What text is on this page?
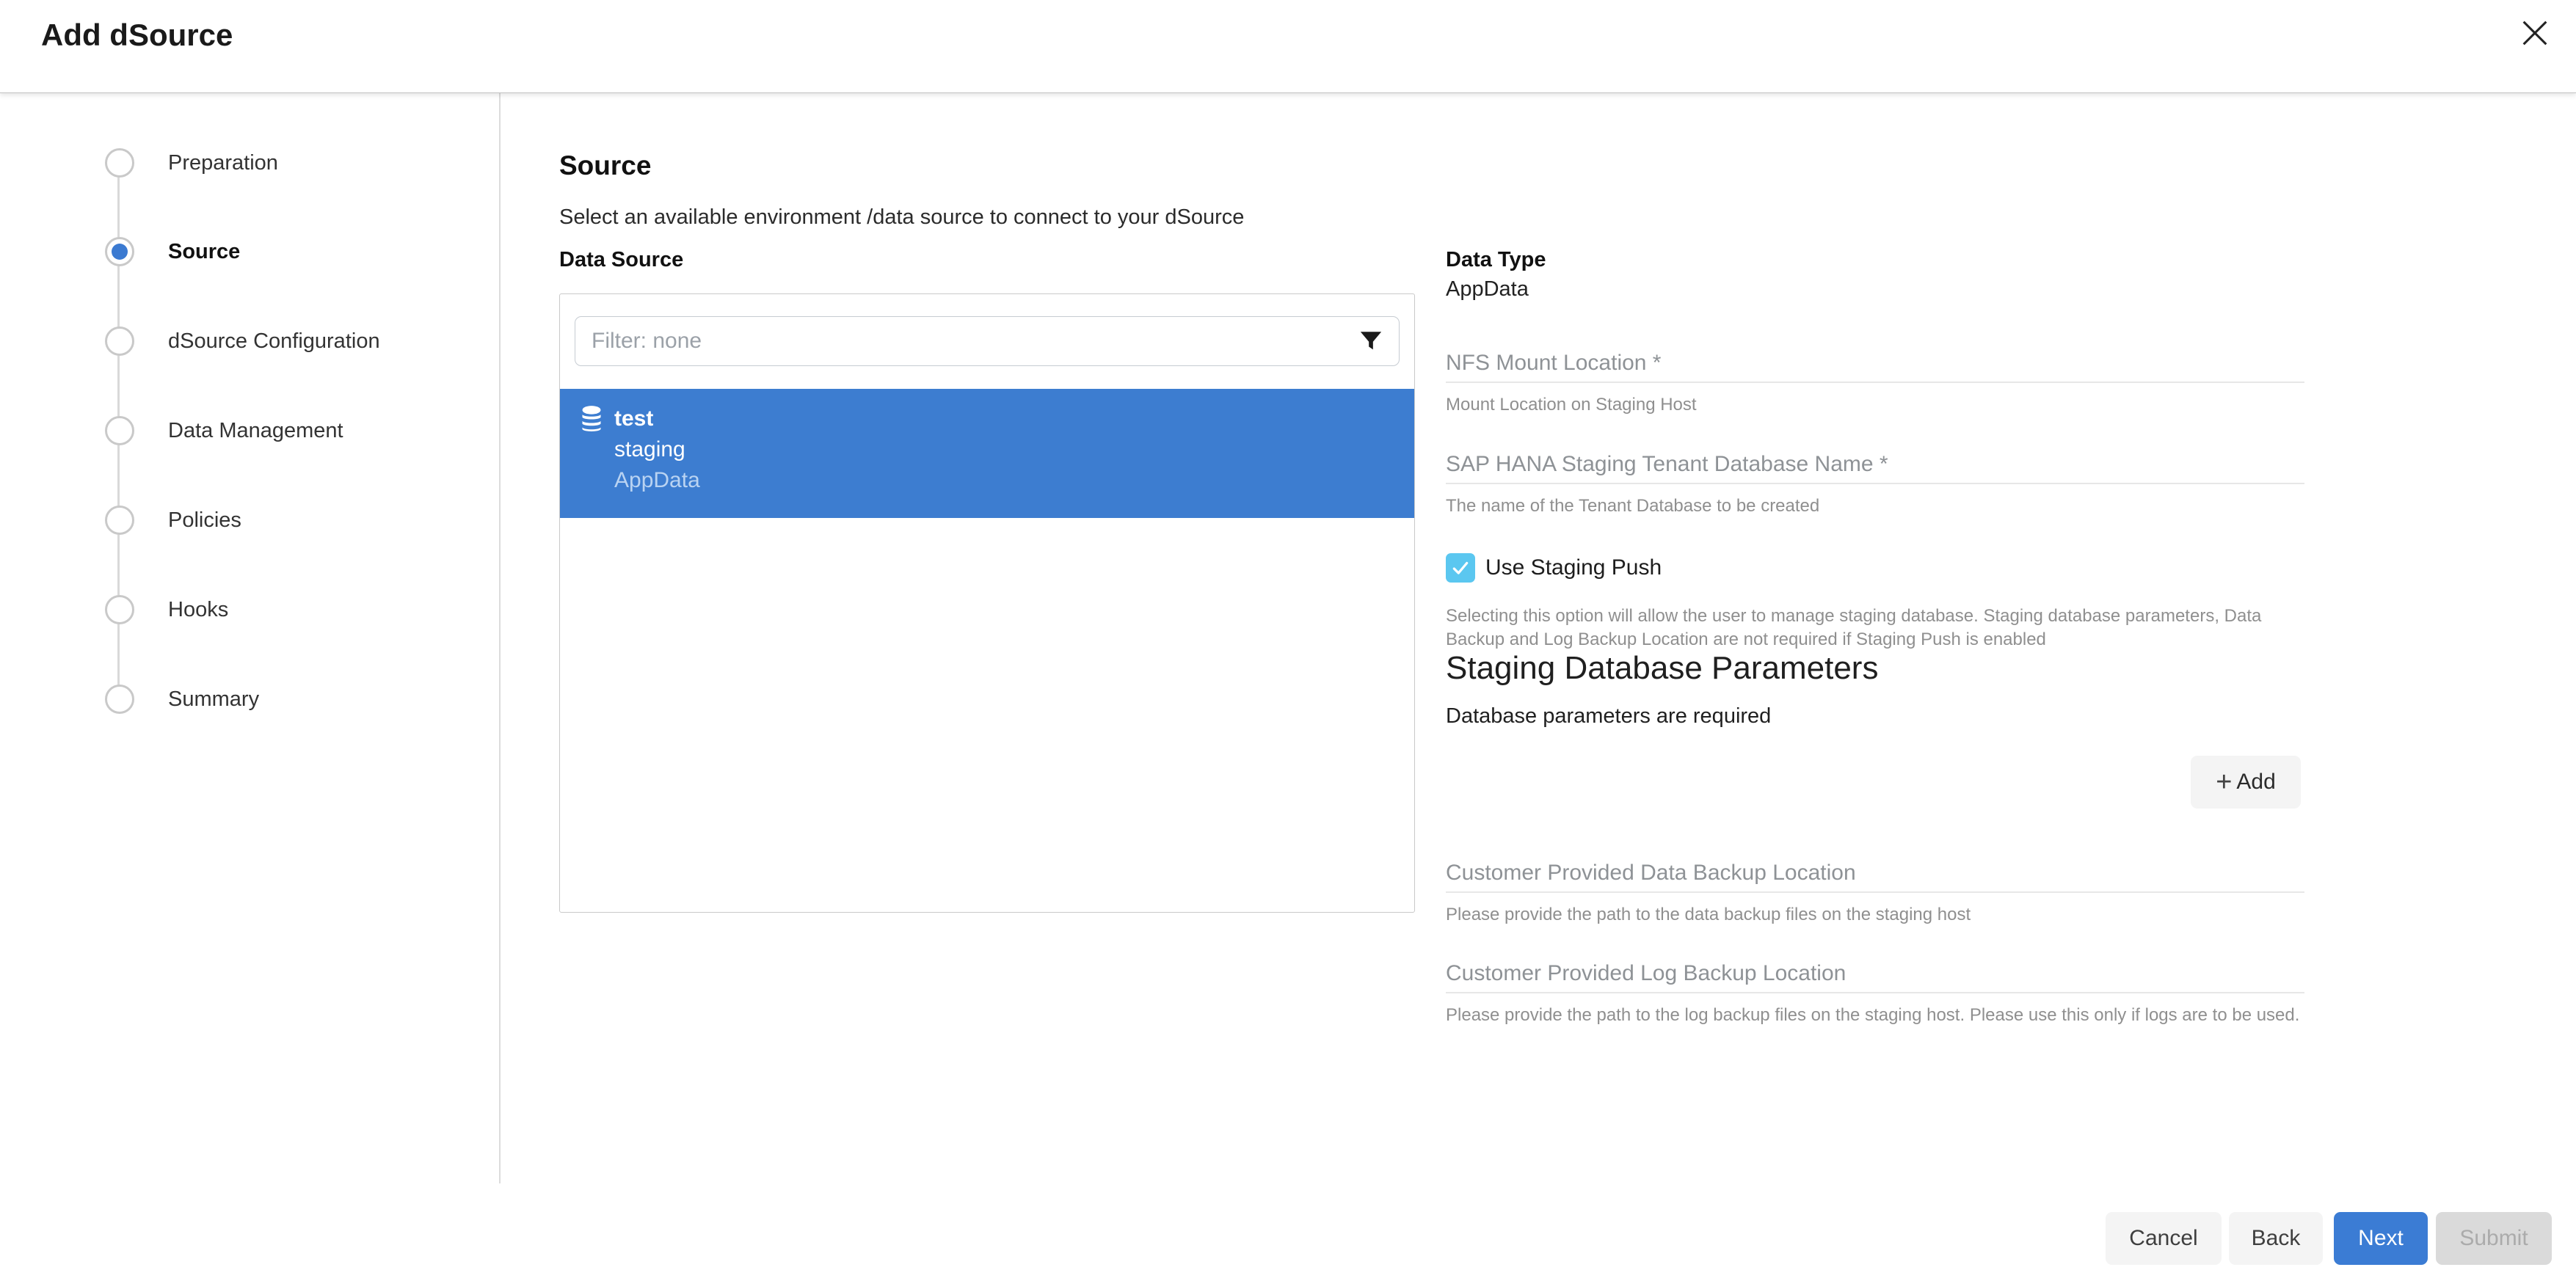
Add dSource
Preparation
Source
dSource Configuration
Data Management
Policies
Hooks
Summary
Source
Select an available environment /data source to connect to your dSource
Data Source
Filter: none
test
staging
AppData
Data Type
AppData
NFS Mount Location *
Mount Location on Staging Host
SAP HANA Staging Tenant Database Name *
The name of the Tenant Database to be created
Use Staging Push
Selecting this option will allow the user to manage staging database. Staging database parameters, Data Backup and Log Backup Location are not required if Staging Push is enabled
Staging Database Parameters
Database parameters are required
+ Add
Customer Provided Data Backup Location
Please provide the path to the data backup files on the staging host
Customer Provided Log Backup Location
Please provide the path to the log backup files on the staging host. Please use this only if logs are to be used.
Cancel	Back	Next	Submit
